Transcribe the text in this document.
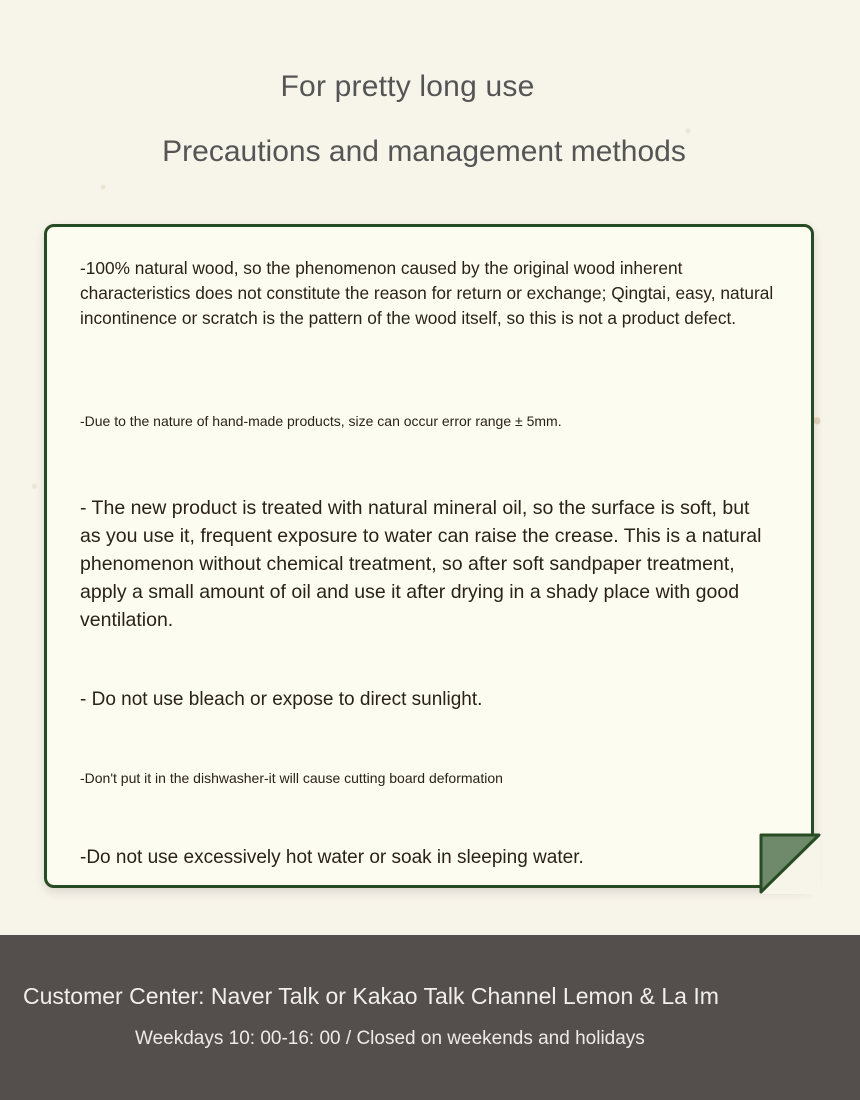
For pretty long use
Precautions and management methods

-100% natural wood, so the phenomenon caused by the original wood inherent characteristics does not constitute the reason for return or exchange; Qingtai, easy, natural incontinence or scratch is the pattern of the wood itself, so this is not a product defect.

-Due to the nature of hand-made products, size can occur error range ± 5mm.

- The new product is treated with natural mineral oil, so the surface is soft, but as you use it, frequent exposure to water can raise the crease. This is a natural phenomenon without chemical treatment, so after soft sandpaper treatment, apply a small amount of oil and use it after drying in a shady place with good ventilation.

- Do not use bleach or expose to direct sunlight.

-Don't put it in the dishwasher-it will cause cutting board deformation

-Do not use excessively hot water or soak in sleeping water.

Customer Center: Naver Talk or Kakao Talk Channel Lemon & La Im
Weekdays 10: 00-16: 00 / Closed on weekends and holidays
